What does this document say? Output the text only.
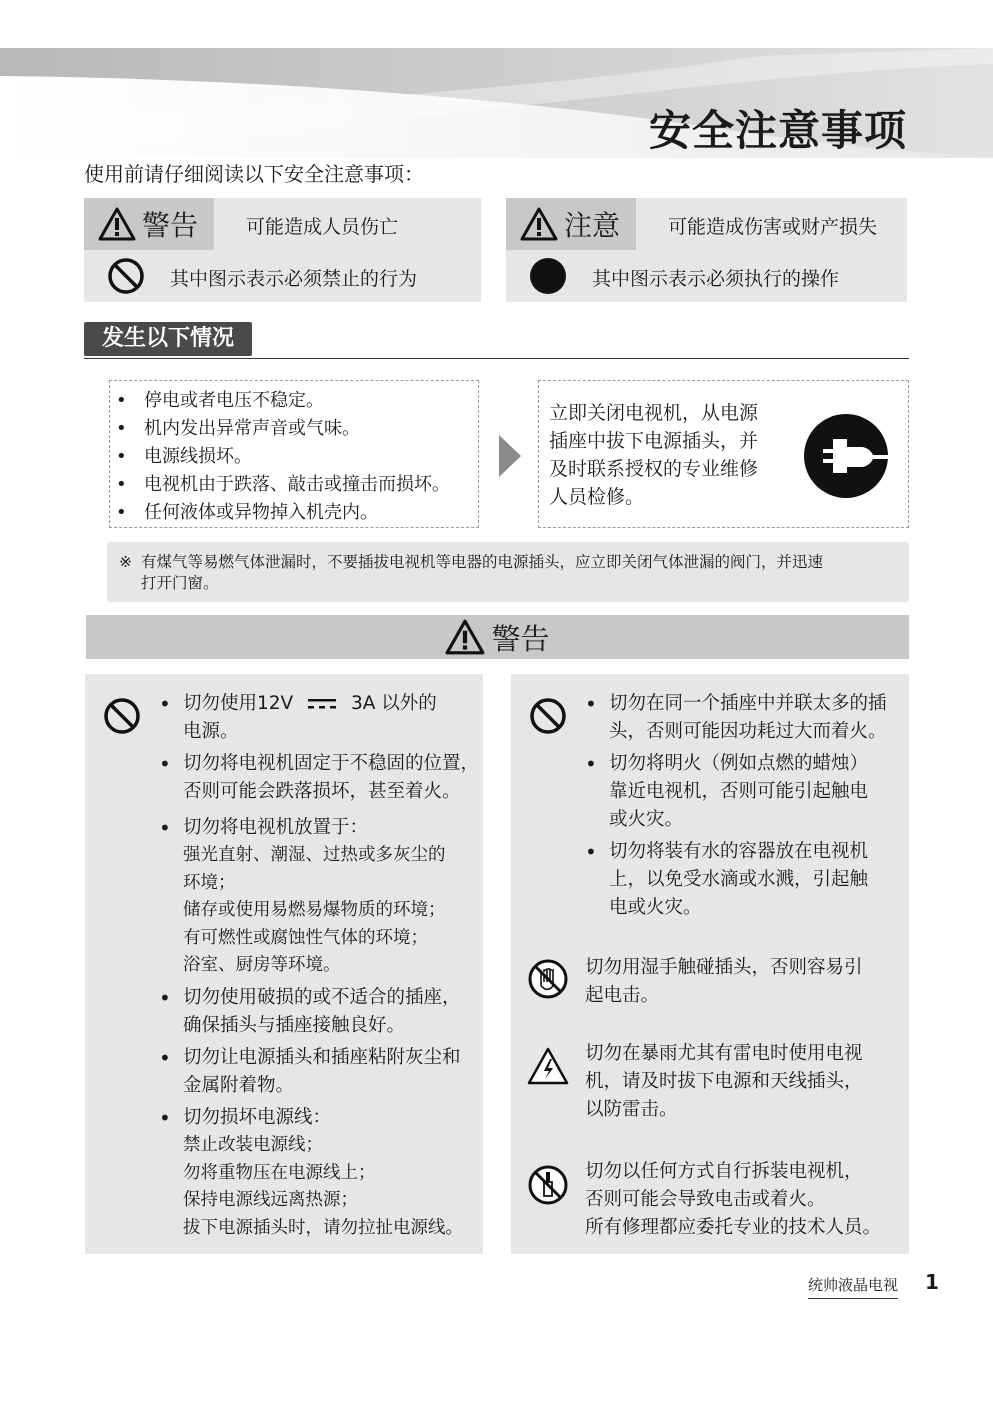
安全注意事项
使用前请仔细阅读以下安全注意事项：
警告	可能造成人员伤亡
其中图示表示必须禁止的行为
注意	可能造成伤害或财产损失
其中图示表示必须执行的操作
发生以下情况
• 停电或者电压不稳定。
• 机内发出异常声音或气味。
• 电源线损坏。
• 电视机由于跌落、敲击或撞击而损坏。
• 任何液体或异物掉入机壳内。
立即关闭电视机，从电源
插座中拔下电源插头，并
及时联系授权的专业维修
人员检修。
※ 有煤气等易燃气体泄漏时，不要插拔电视机等电器的电源插头，应立即关闭气体泄漏的阀门，并迅速
打开门窗。
警告
• 切勿使用12V	3A 以外的
电源。
• 切勿将电视机固定于不稳固的位置，
否则可能会跌落损坏，甚至着火。
• 切勿将电视机放置于：
强光直射、潮湿、过热或多灰尘的
环境；
储存或使用易燃易爆物质的环境；
有可燃性或腐蚀性气体的环境；
浴室、厨房等环境。
• 切勿使用破损的或不适合的插座，
确保插头与插座接触良好。
• 切勿让电源插头和插座粘附灰尘和
金属附着物。
• 切勿损坏电源线：
禁止改装电源线；
勿将重物压在电源线上；
保持电源线远离热源；
拔下电源插头时，请勿拉扯电源线。
• 切勿在同一个插座中并联太多的插
头，否则可能因功耗过大而着火。
• 切勿将明火（例如点燃的蜡烛）
靠近电视机，否则可能引起触电
或火灾。
• 切勿将装有水的容器放在电视机
上，以免受水滴或水溅，引起触
电或火灾。
切勿用湿手触碰插头，否则容易引
起电击。
切勿在暴雨尤其有雷电时使用电视
机，请及时拔下电源和天线插头，
以防雷击。
切勿以任何方式自行拆装电视机，
否则可能会导致电击或着火。
所有修理都应委托专业的技术人员。
统帅液晶电视 1
